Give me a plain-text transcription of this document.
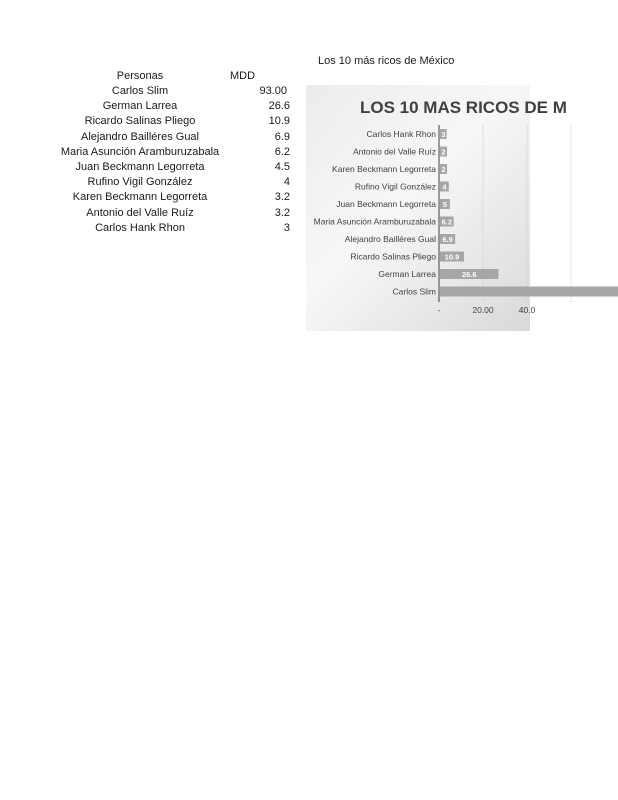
Los 10 más ricos de México
Personas	MDD
Carlos Slim	93.00
German Larrea	26.6
Ricardo Salinas Pliego	10.9
Alejandro Bailléres Gual	6.9
Maria Asunción Aramburuzabala	6.2
Juan Beckmann Legorreta	4.5
Rufino Vigil González	4
Karen Beckmann Legorreta	3.2
Antonio del Valle Ruíz	3.2
Carlos Hank Rhon	3
LOS 10 MAS RICOS DE M
Carlos Hank Rhon 3
Antonio del Valle Ruíz 2
Karen Beckmann Legorreta 2
Rufino Vigil González 4
Juan Beckmann Legorreta 5
Maria Asunción Aramburuzabala 6.2
Alejandro Bailléres Gual 6.9
Ricardo Salinas Pliego 10.9
German Larrea	26.6
Carlos Slim
-	20.00	40.0
